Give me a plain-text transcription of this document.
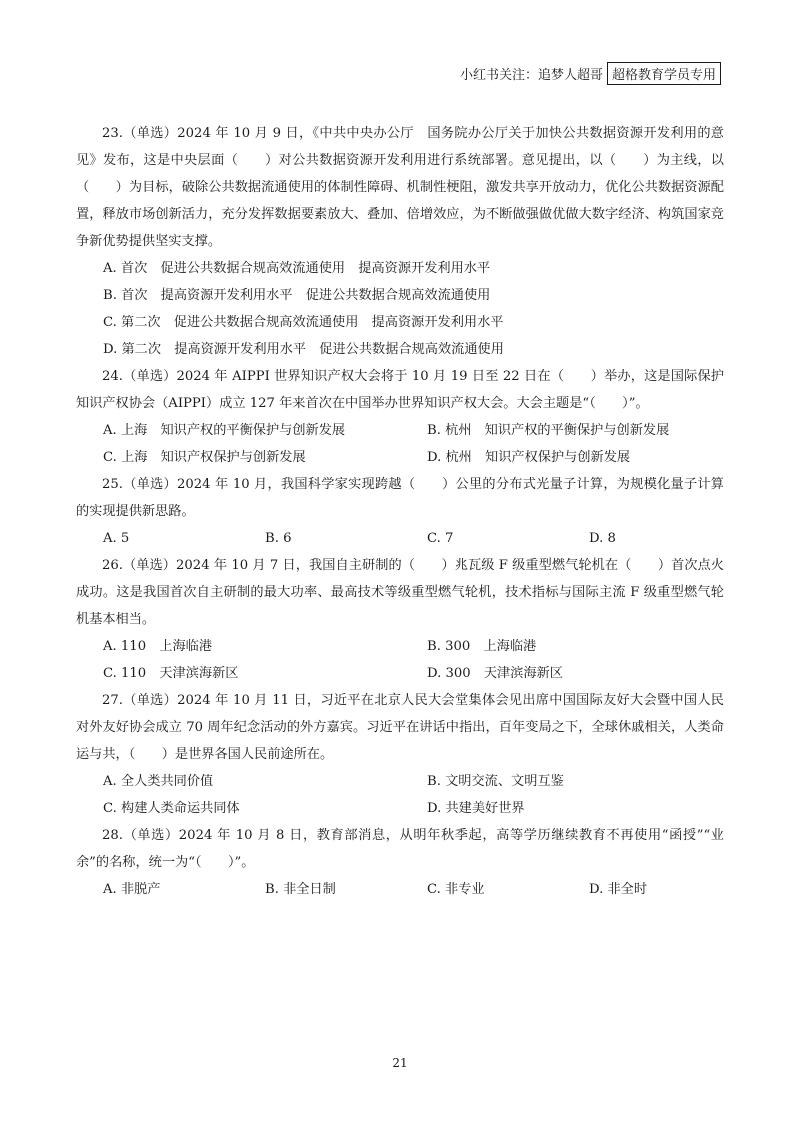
小红书关注：追梦人超哥 超格教育学员专用

23.（单选）2024 年 10 月 9 日，《中共中央办公厅　国务院办公厅关于加快公共数据资源开发利用的意见》发布，这是中央层面（　　）对公共数据资源开发利用进行系统部署。意见提出，以（　　）为主线，以（　　）为目标，破除公共数据流通使用的体制性障碍、机制性梗阻，激发共享开放动力，优化公共数据资源配置，释放市场创新活力，充分发挥数据要素放大、叠加、倍增效应，为不断做强做优做大数字经济、构筑国家竞争新优势提供坚实支撑。

A. 首次　促进公共数据合规高效流通使用　提高资源开发利用水平
B. 首次　提高资源开发利用水平　促进公共数据合规高效流通使用
C. 第二次　促进公共数据合规高效流通使用　提高资源开发利用水平
D. 第二次　提高资源开发利用水平　促进公共数据合规高效流通使用

24.（单选）2024 年 AIPPI 世界知识产权大会将于 10 月 19 日至 22 日在（　　）举办，这是国际保护知识产权协会（AIPPI）成立 127 年来首次在中国举办世界知识产权大会。大会主题是“（　　）”。

A. 上海　知识产权的平衡保护与创新发展	B. 杭州　知识产权的平衡保护与创新发展
C. 上海　知识产权保护与创新发展	D. 杭州　知识产权保护与创新发展

25.（单选）2024 年 10 月，我国科学家实现跨越（　　）公里的分布式光量子计算，为规模化量子计算的实现提供新思路。

A. 5	B. 6	C. 7	D. 8

26.（单选）2024 年 10 月 7 日，我国自主研制的（　　）兆瓦级 F 级重型燃气轮机在（　　）首次点火成功。这是我国首次自主研制的最大功率、最高技术等级重型燃气轮机，技术指标与国际主流 F 级重型燃气轮机基本相当。

A. 110　上海临港	B. 300　上海临港
C. 110　天津滨海新区	D. 300　天津滨海新区

27.（单选）2024 年 10 月 11 日，习近平在北京人民大会堂集体会见出席中国国际友好大会暨中国人民对外友好协会成立 70 周年纪念活动的外方嘉宾。习近平在讲话中指出，百年变局之下，全球休戚相关，人类命运与共，（　　）是世界各国人民前途所在。

A. 全人类共同价值	B. 文明交流、文明互鉴
C. 构建人类命运共同体	D. 共建美好世界

28.（单选）2024 年 10 月 8 日，教育部消息，从明年秋季起，高等学历继续教育不再使用“函授”“业余”的名称，统一为“（　　）”。

A. 非脱产	B. 非全日制	C. 非专业	D. 非全时
21
